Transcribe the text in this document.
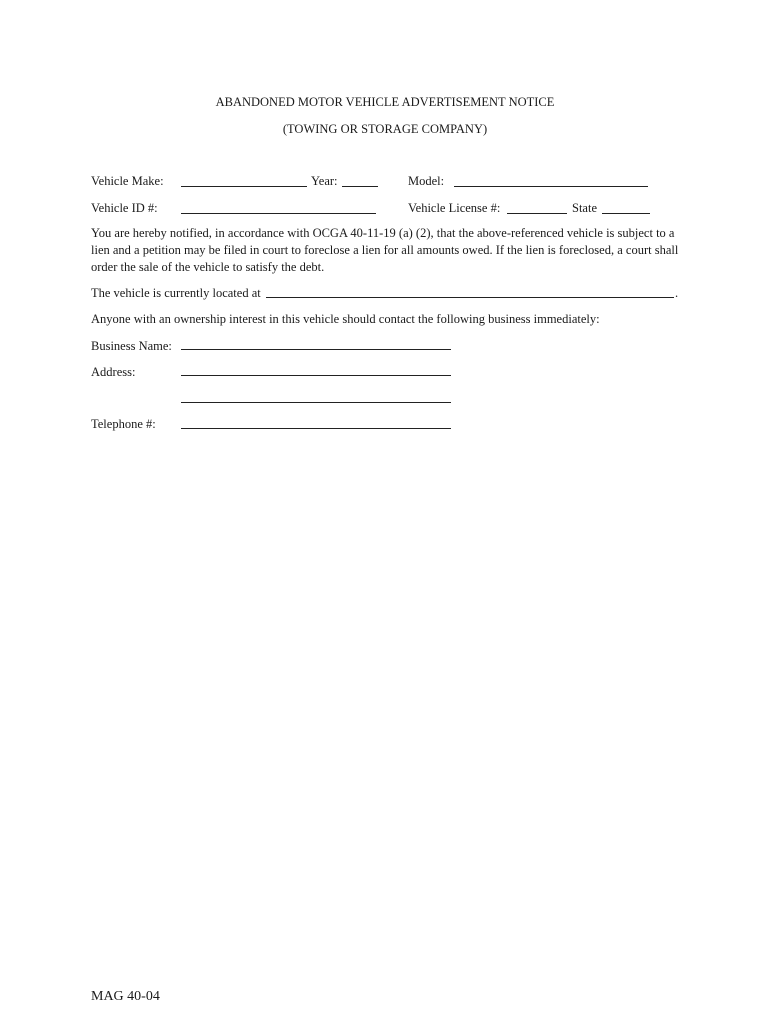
ABANDONED MOTOR VEHICLE ADVERTISEMENT NOTICE
(TOWING OR STORAGE COMPANY)
Vehicle Make:	Year:	Model:
Vehicle ID #:	Vehicle License #:	State
You are hereby notified, in accordance with OCGA 40-11-19 (a) (2), that the above-referenced vehicle is subject to a lien and a petition may be filed in court to foreclose a lien for all amounts owed. If the lien is foreclosed, a court shall order the sale of the vehicle to satisfy the debt.
The vehicle is currently located at	.
Anyone with an ownership interest in this vehicle should contact the following business immediately:
Business Name:
Address:
Telephone #:
MAG 40-04
